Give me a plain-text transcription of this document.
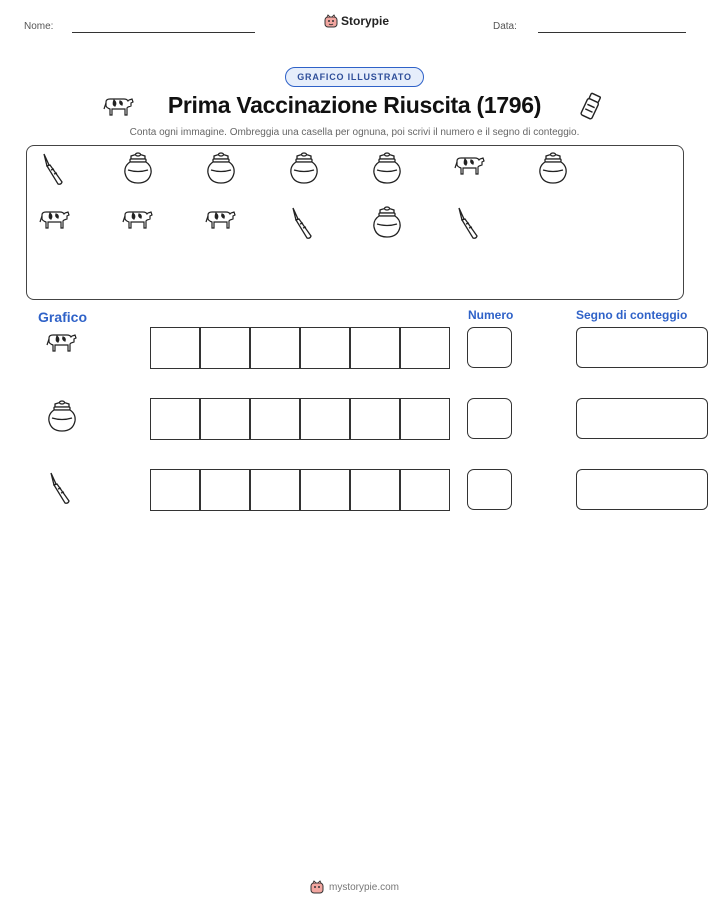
Nome:	Storypie	Data:
GRAFICO ILLUSTRATO
Prima Vaccinazione Riuscita (1796)
Conta ogni immagine. Ombreggia una casella per ognuna, poi scrivi il numero e il segno di conteggio.
Grafico	Numero	Segno di conteggio
mystorypie.com
